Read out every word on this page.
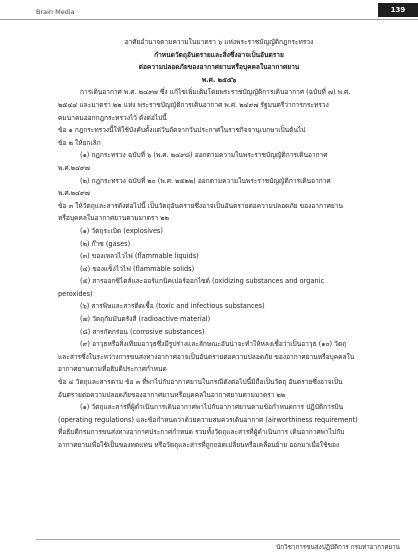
Brain Media	139
อาศัยอำนาจตามความในมาตรา ๖ แห่งพระราชบัญญัติกฎกระทรวง
กำหนดวัตถุอันตรายและสิ่งซึ่งอาจเป็นอันตราย
ต่อความปลอดภัยของอากาศยานหรือบุคคลในอากาศยาน
พ.ศ. ๒๕๕๖
การเดินอากาศ พ.ศ. ๒๔๙๗ ซึ่ง แก้ไขเพิ่มเติมโดยพระราชบัญญัติการเดินอากาศ (ฉบับที่ ๗) พ.ศ.
๒๕๔๔ และมาตรา ๒๒ แห่ง พระราชบัญญัติการเดินอากาศ พ.ศ. ๒๔๙๗ รัฐมนตรีว่าการกระทรวง
คมนาคมออกกฎกระทรวงไว้ ดังต่อไปนี้
ข้อ ๑ กฎกระทรวงนี้ให้ใช้บังคับตั้งแต่วันถัดจากวันประกาศในราชกิจจานุเบกษาเป็นต้นไป
ข้อ ๒ ให้ยกเลิก
(๑) กฎกระทรวง ฉบับที่ ๖ (พ.ศ. ๒๔๙๘) ออกตามความในพระราชบัญญัติการเดินอากาศ
พ.ศ.๒๔๙๗
(๒) กฎกระทรวง ฉบับที่ ๒๐ (พ.ศ. ๒๕๒๒) ออกตามความในพระราชบัญญัติการเดินอากาศ
พ.ศ.๒๔๙๗
ข้อ ๓ ให้วัตถุและสารดังต่อไปนี้ เป็นวัตถุอันตรายซึ่งอาจเป็นอันตรายต่อความปลอดภัย ของอากาศยาน
หรือบุคคลในอากาศยานตามมาตรา ๒๒
(๑) วัตถุระเบิด (explosives)
(๒) ก๊าซ (gases)
(๓) ของเหลวไวไฟ (flammable liquids)
(๔) ของแข็งไวไฟ (flammable solids)
(๕) สารออกซิไดส์และออร์แกนิคเปอร์ออกไซด์ (oxidizing substances and organic
peroxides)
(๖) สารพิษและสารติดเชื้อ (toxic and infectious substances)
(๗) วัตถุกัมมันตรังสี (radioactive material)
(๘) สารกัดกร่อน (corrosive substances)
(๙) อาวุธหรือสิ่งเทียมอาวุธซึ่งมีรูปร่างและลักษณะอันน่าจะทำให้หลงเชื่อว่าเป็นอาวุธ (๑๐) วัตถุ
และสารซึ่งในระหว่างการขนส่งทางอากาศอาจเป็นอันตรายต่อความปลอดภัย ของอากาศยานหรือบุคคลใน
อากาศยานตามที่อธิบดีประกาศกำหนด
ข้อ ๔ วัตถุและสารตาม ข้อ ๓ ที่พาไปกับอากาศยานในกรณีดังต่อไปนี้มิถือเป็นวัตถุ อันตรายซึ่งอาจเป็น
อันตรายต่อความปลอดภัยของอากาศยานหรือบุคคลในอากาศยานตามมาตรา ๒๒
(๑) วัตถุและสารที่ผู้ดำเนินการเดินอากาศพาไปกับอากาศยานตามข้อกำหนดการ ปฏิบัติการบิน
(operating regulations) และข้อกำหนดว่าด้วยความสมควรเดินอากาศ (airworthiness requirement)
ที่อธิบดีกรมการขนส่งทางอากาศประกาศกำหนด รวมทั้งวัตถุและสารที่ผู้ดำเนินการ เดินอากาศพาไปกับ
อากาศยานเพื่อใช้เป็นของทดแทน หรือวัตถุและสารที่ถูกถอดเปลี่ยนหรือเคลื่อนย้าย ออกมาเมื่อใช้ของ
นักวิชาการขนส่งปฏิบัติการ กรมท่าอากาศยาน
